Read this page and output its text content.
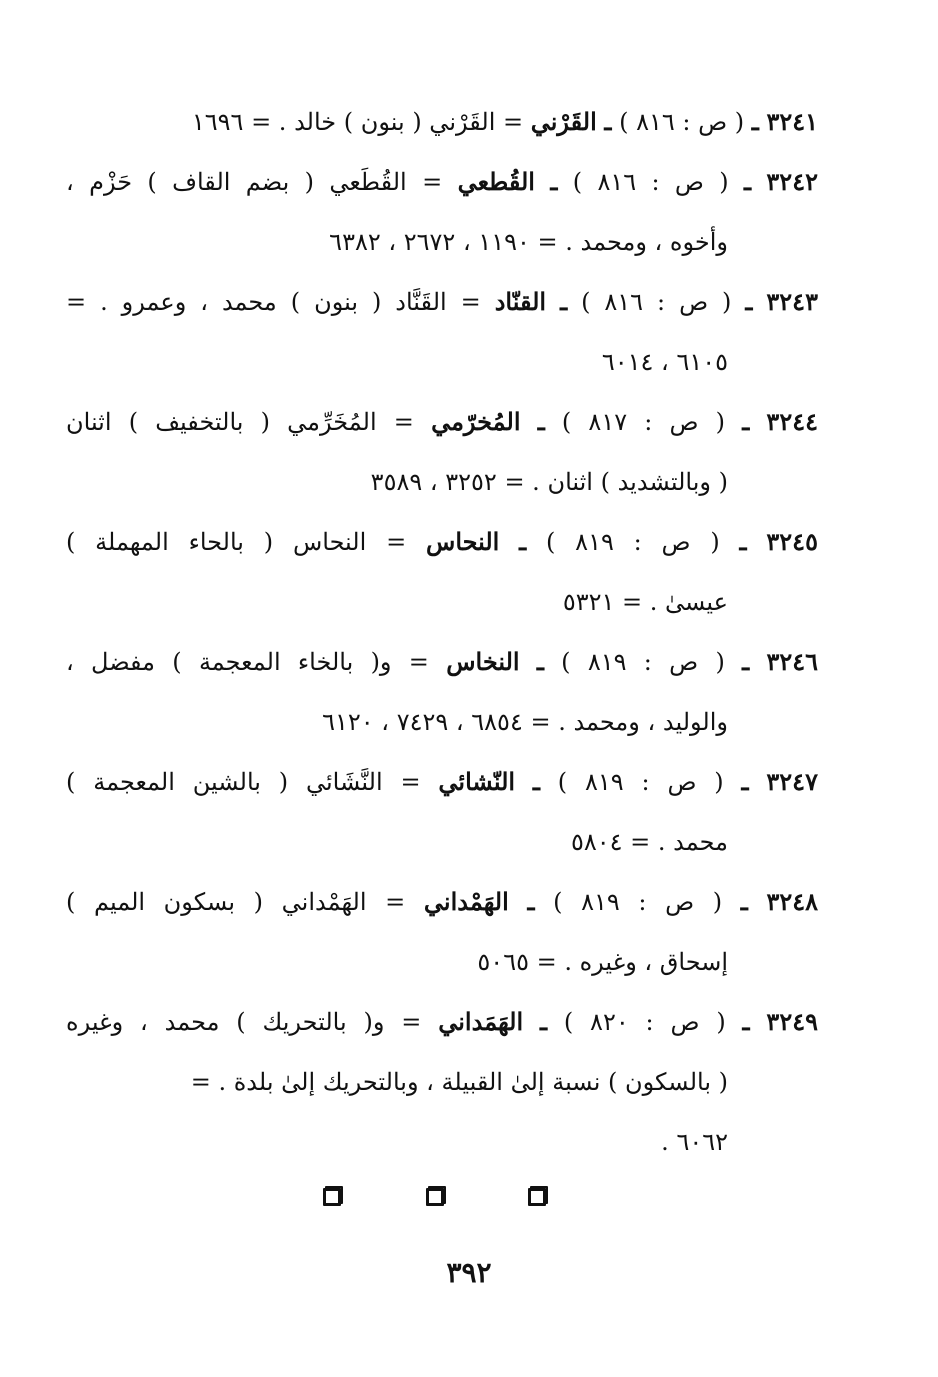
٣٢٤١ ـ ( ص : ٨١٦ ) ـ القَرْني = القَرْني ( بنون ) خالد . = ١٦٩٦
٣٢٤٢ ـ ( ص : ٨١٦ ) ـ القُطعي = القُطَعي ( بضم القاف ) حَزْم ،
وأخوه ، ومحمد . = ١١٩٠ ، ٢٦٧٢ ، ٦٣٨٢
٣٢٤٣ ـ ( ص : ٨١٦ ) ـ القنّاد = القَنَّاد ( بنون ) محمد ، وعمرو . =
٦١٠٥ ، ٦٠١٤
٣٢٤٤ ـ ( ص : ٨١٧ ) ـ المُخرّمي = المُخَرِّمي ( بالتخفيف ) اثنان
( وبالتشديد ) اثنان . = ٣٢٥٢ ، ٣٥٨٩
٣٢٤٥ ـ ( ص : ٨١٩ ) ـ النحاس = النحاس ( بالحاء المهملة )
عيسىٰ . = ٥٣٢١
٣٢٤٦ ـ ( ص : ٨١٩ ) ـ النخاس = و( بالخاء المعجمة ) مفضل ،
والوليد ، ومحمد . = ٦٨٥٤ ، ٧٤٢٩ ، ٦١٢٠
٣٢٤٧ ـ ( ص : ٨١٩ ) ـ النّشائي = النَّشَائي ( بالشين المعجمة )
محمد . = ٥٨٠٤
٣٢٤٨ ـ ( ص : ٨١٩ ) ـ الهَمْداني = الهَمْداني ( بسكون الميم )
إسحاق ، وغيره . = ٥٠٦٥
٣٢٤٩ ـ ( ص : ٨٢٠ ) ـ الهَمَداني = و( بالتحريك ) محمد ، وغيره
( بالسكون ) نسبة إلىٰ القبيلة ، وبالتحريك إلىٰ بلدة . =
٦٠٦٢ .
٣٩٢
